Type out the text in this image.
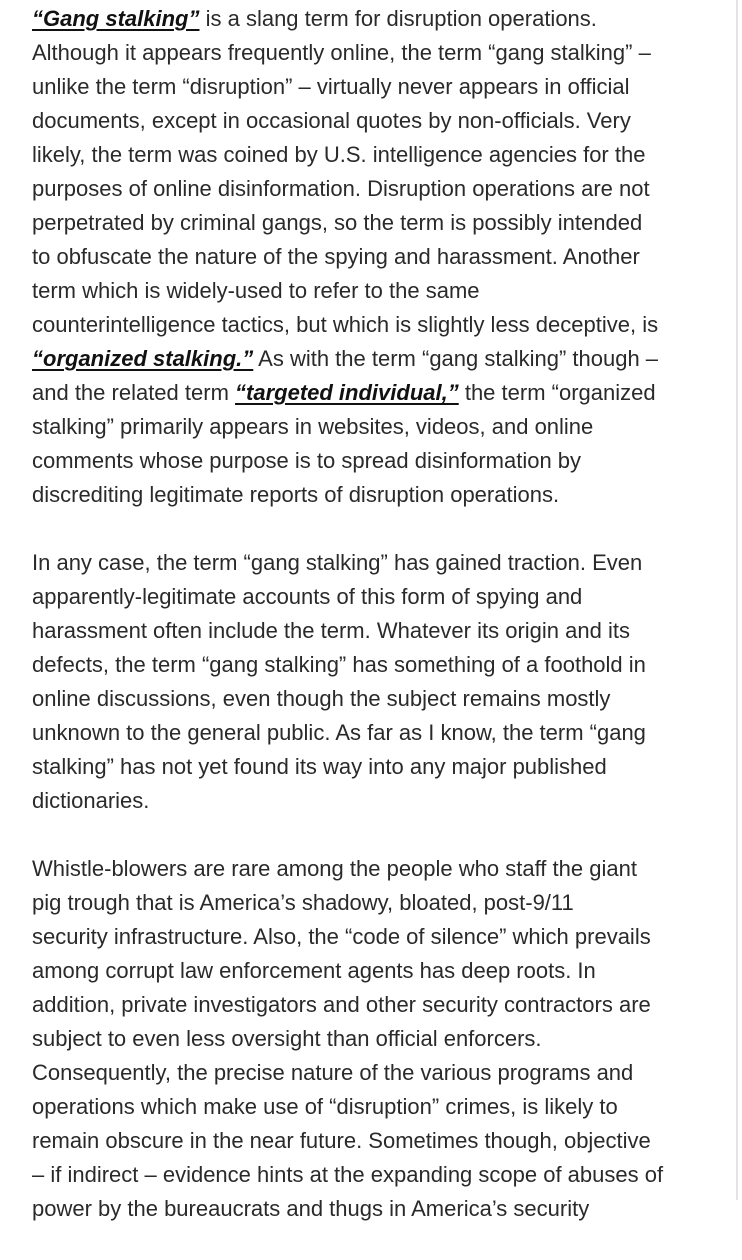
“Gang stalking” is a slang term for disruption operations.
Although it appears frequently online, the term “gang stalking” –
unlike the term “disruption” – virtually never appears in official
documents, except in occasional quotes by non-officials. Very
likely, the term was coined by U.S. intelligence agencies for the
purposes of online disinformation. Disruption operations are not
perpetrated by criminal gangs, so the term is possibly intended
to obfuscate the nature of the spying and harassment. Another
term which is widely-used to refer to the same
counterintelligence tactics, but which is slightly less deceptive, is
“organized stalking.” As with the term “gang stalking” though –
and the related term “targeted individual,” the term “organized
stalking” primarily appears in websites, videos, and online
comments whose purpose is to spread disinformation by
discrediting legitimate reports of disruption operations.
In any case, the term “gang stalking” has gained traction. Even
apparently-legitimate accounts of this form of spying and
harassment often include the term. Whatever its origin and its
defects, the term “gang stalking” has something of a foothold in
online discussions, even though the subject remains mostly
unknown to the general public. As far as I know, the term “gang
stalking” has not yet found its way into any major published
dictionaries.
Whistle-blowers are rare among the people who staff the giant
pig trough that is America’s shadowy, bloated, post-9/11
security infrastructure. Also, the “code of silence” which prevails
among corrupt law enforcement agents has deep roots. In
addition, private investigators and other security contractors are
subject to even less oversight than official enforcers.
Consequently, the precise nature of the various programs and
operations which make use of “disruption” crimes, is likely to
remain obscure in the near future. Sometimes though, objective
– if indirect – evidence hints at the expanding scope of abuses of
power by the bureaucrats and thugs in America’s security
